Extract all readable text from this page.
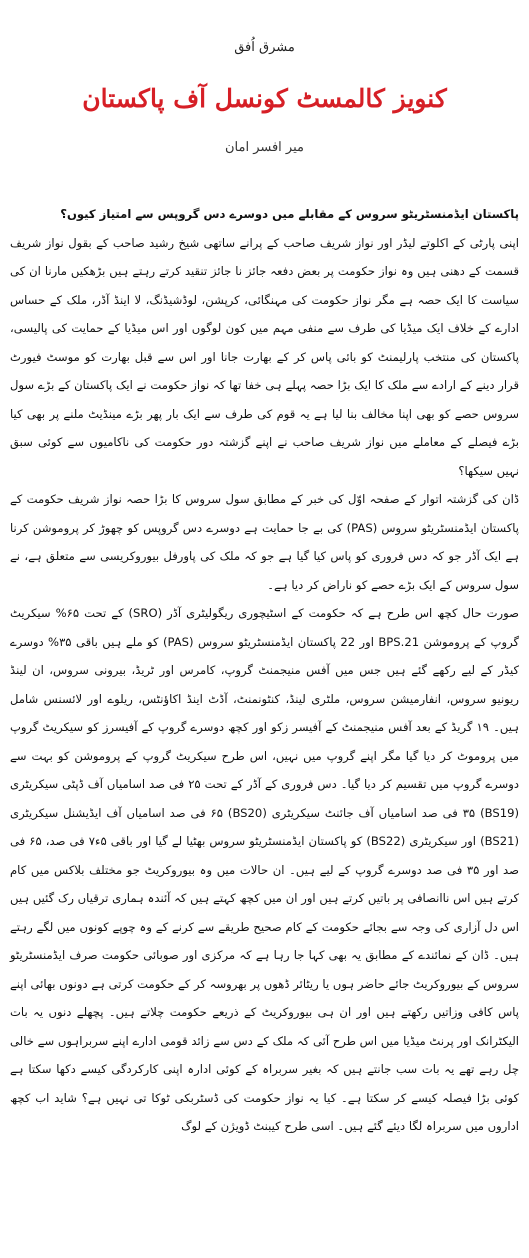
مشرق اُفق
کنویز کالمسٹ کونسل آف پاکستان
میر افسر امان

پاکستان ایڈمنسٹریٹو سروس کے مقابلے میں دوسرے دس گروپس سے امتیاز کیوں؟

اپنی پارٹی کے اکلوتے لیڈر اور نواز شریف صاحب کے پرانے ساتھی شیخ رشید صاحب کے بقول نواز شریف قسمت کے دھنی ہیں وہ نواز حکومت پر بعض دفعہ جائز نا جائز تنقید کرتے رہتے ہیں بڑھکیں مارنا ان کی سیاست کا ایک حصہ ہے مگر نواز حکومت کی مہنگائی، کرپشن، لوڈشیڈنگ، لا اینڈ آڈر، ملک کے حساس ادارے کے خلاف ایک میڈیا کی طرف سے منفی مہم میں کون لوگوں اور اس میڈیا کے حمایت کی پالیسی، پاکستان کی منتخب پارلیمنٹ کو بائی پاس کر کے بھارت جانا اور اس سے قبل بھارت کو موسٹ فیورٹ قرار دینے کے ارادے سے ملک کا ایک بڑا حصہ پہلے ہی خفا تھا کہ نواز حکومت نے ایک پاکستان کے بڑے سول سروس حصے کو بھی اپنا مخالف بنا لیا ہے یہ قوم کی طرف سے ایک بار پھر بڑے مینڈیٹ ملنے پر بھی کیا بڑے فیصلے کے معاملے میں نواز شریف صاحب نے اپنے گزشتہ دور حکومت کی ناکامیوں سے کوئی سبق نہیں سیکھا؟

ڈان کی گزشتہ اتوار کے صفحہ اوّل کی خبر کے مطابق سول سروس کا بڑا حصہ نواز شریف حکومت کے پاکستان ایڈمنسٹریٹو سروس (PAS) کی بے جا حمایت ہے دوسرے دس گروپس کو چھوڑ کر پروموشن کرنا ہے ایک آڈر جو کہ دس فروری کو پاس کیا گیا ہے جو کہ ملک کی پاورفل بیوروکریسی سے متعلق ہے، نے سول سروس کے ایک بڑے حصے کو ناراض کر دیا ہے۔

صورت حال کچھ اس طرح ہے کہ حکومت کے اسٹیچوری ریگولیٹری آڈر (SRO) کے تحت ۶۵% سیکریٹ گروپ کے پروموشن BPS.21 اور 22 پاکستان ایڈمنسٹریٹو سروس (PAS) کو ملے ہیں باقی ۳۵% دوسرے کیڈر کے لیے رکھے گئے ہیں جس میں آفس منیجمنٹ گروپ، کامرس اور ٹریڈ، بیرونی سروس، ان لینڈ ریونیو سروس، انفارمیشن سروس، ملٹری لینڈ، کنٹونمنٹ، آڈٹ اینڈ اکاؤنٹس، ریلوے اور لائسنس شامل ہیں۔ ۱۹ گریڈ کے بعد آفس منیجمنٹ کے آفیسر زکو اور کچھ دوسرے گروپ کے آفیسرز کو سیکریٹ گروپ میں پروموٹ کر دیا گیا مگر اپنے گروپ میں نہیں، اس طرح سیکریٹ گروپ کے پروموشن کو بہت سے دوسرے گروپ میں تقسیم کر دیا گیا۔ دس فروری کے آڈر کے تحت ۲۵ فی صد اسامیاں آف ڈپٹی سیکریٹری (BS19) ۳۵ فی صد اسامیاں آف جائنٹ سیکریٹری (BS20) ۶۵ فی صد اسامیاں آف ایڈیشنل سیکریٹری (BS21) اور سیکریٹری (BS22) کو پاکستان ایڈمنسٹریٹو سروس بھٹیا لے گیا اور باقی ۵ء۷ فی صد، ۶۵ فی صد اور ۳۵ فی صد دوسرے گروپ کے لیے ہیں۔ ان حالات میں وہ بیوروکریٹ جو مختلف بلاکس میں کام کرتے ہیں اس ناانصافی پر باتیں کرتے ہیں اور ان میں کچھ کہتے ہیں کہ آئندہ ہماری ترقیاں رک گئیں ہیں اس دل آزاری کی وجہ سے بجائے حکومت کے کام صحیح طریقے سے کرنے کے وہ چوپے کونوں میں لگے رہتے ہیں۔ ڈان کے نمائندے کے مطابق یہ بھی کہا جا رہا ہے کہ مرکزی اور صوبائی حکومت صرف ایڈمنسٹریٹو سروس کے بیوروکریٹ جائے حاضر ہوں یا ریٹائر ڈھوں پر بھروسہ کر کے حکومت کرتی ہے دونوں بھائی اپنے پاس کافی وزاتیں رکھتے ہیں اور ان ہی بیوروکریٹ کے ذریعے حکومت چلاتے ہیں۔ پچھلے دنوں یہ بات الیکٹرانک اور پرنٹ میڈیا میں اس طرح آئی کہ ملک کے دس سے زائد قومی ادارے اپنے سربراہوں سے خالی چل رہے تھے یہ بات سب جانتے ہیں کہ بغیر سربراہ کے کوئی ادارہ اپنی کارکردگی کیسے دکھا سکتا ہے کوئی بڑا فیصلہ کیسے کر سکتا ہے۔ کیا یہ نواز حکومت کی ڈسٹربکی ٹوکا تی نہیں ہے؟ شاید اب کچھ اداروں میں سربراہ لگا دیئے گئے ہیں۔ اسی طرح کیبنٹ ڈویژن کے لوگ
